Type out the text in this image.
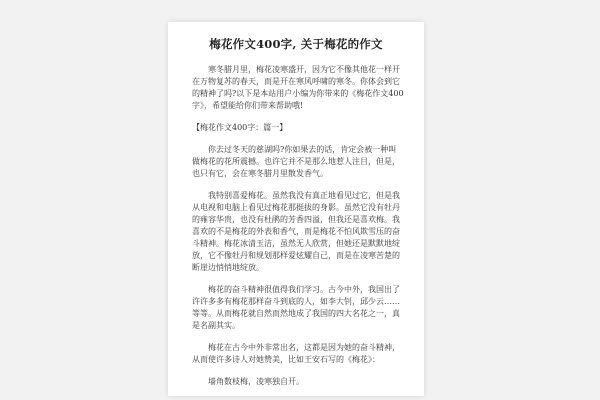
梅花作文400字, 关于梅花的作文

寒冬腊月里，梅花凌寒盛开，因为它不像其他花一样开在万物复苏的春天，而是开在寒风呼啸的寒冬。你体会到它的精神了吗?以下是本站用户小编为你带来的《梅花作文400字》，希望能给你们带来帮助哦!

【梅花作文400字：篇一】

你去过冬天的慈湖吗?你如果去的话，肯定会被一种叫做梅花的花所震撼。也许它并不是那么地惹人注目，但是，也只有它，会在寒冬腊月里散发香气。

我特别喜爱梅花。虽然我没有真正地看见过它，但是我从电视和电脑上看见过梅花那挺拔的身影。虽然它没有牡丹的雍容华贵，也没有杜鹃的芳香四溢，但我还是喜欢梅。我喜欢的不是梅花的外表和香气，而是梅花不怕风欺雪压的奋斗精神。梅花冰清玉洁，虽然无人欣赏，但她还是默默地绽放，它不像牡丹和规划那样爱炫耀自己，而是在凌寒苦楚的断崖边悄悄地绽放。

梅花的奋斗精神很值得我们学习。古今中外，我国出了许许多多有梅花那样奋斗到底的人，如李大钊，邱少云……等等。从而梅花就自然而然地成了我国的四大名花之一，真是名副其实。

梅花在古今中外非常出名，这都是因为她的奋斗精神，从而使许多诗人对她赞美，比如王安石写的《梅花》：

墙角数枝梅，凌寒独自开。
